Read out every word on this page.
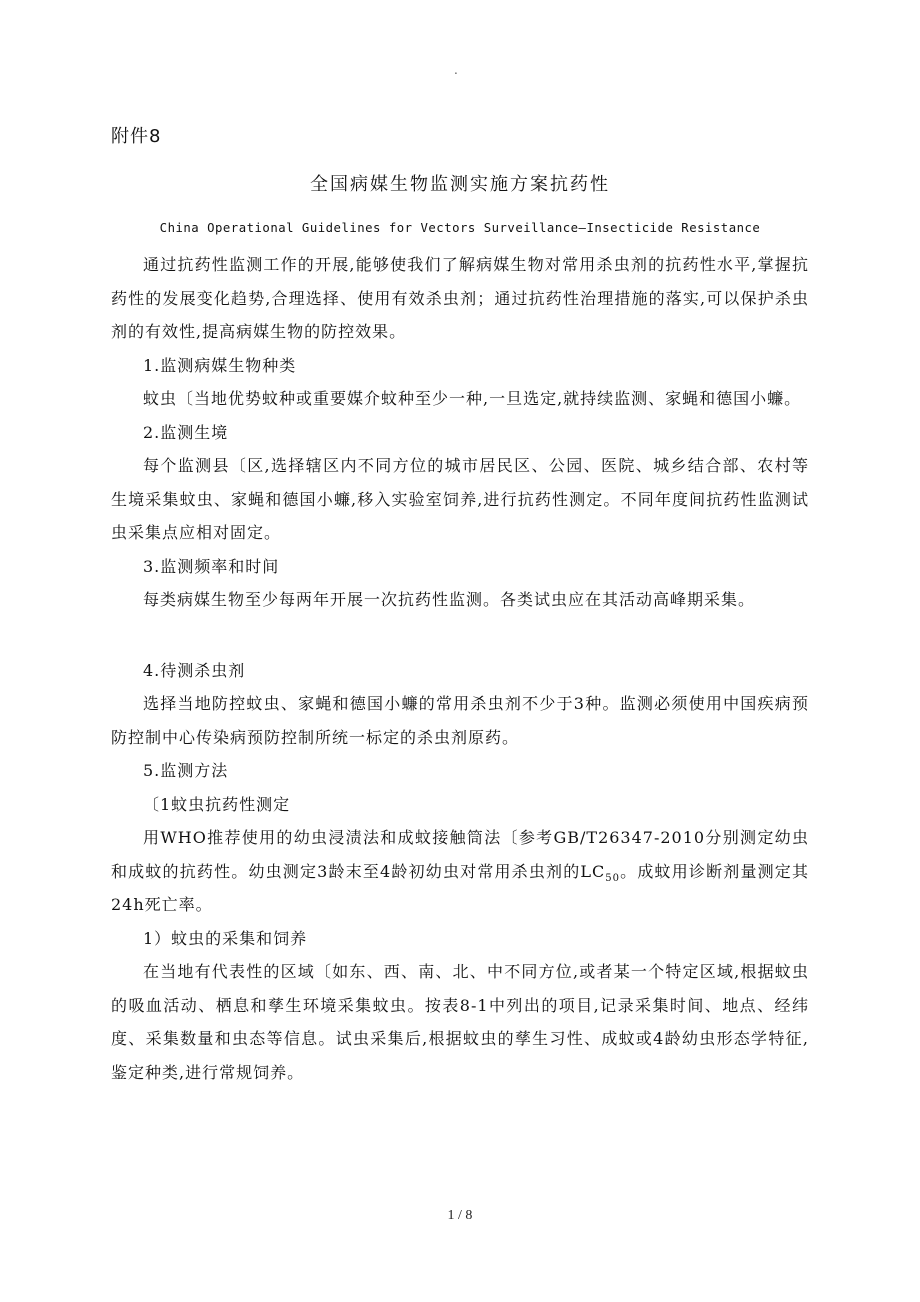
.
附件8
全国病媒生物监测实施方案抗药性
China Operational Guidelines for Vectors Surveillance—Insecticide Resistance

通过抗药性监测工作的开展,能够使我们了解病媒生物对常用杀虫剂的抗药性水平,掌握抗药性的发展变化趋势,合理选择、使用有效杀虫剂；通过抗药性治理措施的落实,可以保护杀虫剂的有效性,提高病媒生物的防控效果。

1.监测病媒生物种类

蚊虫〔当地优势蚊种或重要媒介蚊种至少一种,一旦选定,就持续监测、家蝇和德国小蠊。

2.监测生境

每个监测县〔区,选择辖区内不同方位的城市居民区、公园、医院、城乡结合部、农村等生境采集蚊虫、家蝇和德国小蠊,移入实验室饲养,进行抗药性测定。不同年度间抗药性监测试虫采集点应相对固定。

3.监测频率和时间

每类病媒生物至少每两年开展一次抗药性监测。各类试虫应在其活动高峰期采集。

4.待测杀虫剂

选择当地防控蚊虫、家蝇和德国小蠊的常用杀虫剂不少于3种。监测必须使用中国疾病预防控制中心传染病预防控制所统一标定的杀虫剂原药。

5.监测方法

〔1蚊虫抗药性测定

用WHO推荐使用的幼虫浸渍法和成蚊接触筒法〔参考GB/T26347-2010分别测定幼虫和成蚊的抗药性。幼虫测定3龄末至4龄初幼虫对常用杀虫剂的$LC_{50}$。成蚊用诊断剂量测定其24h死亡率。

1）蚊虫的采集和饲养

在当地有代表性的区域〔如东、西、南、北、中不同方位,或者某一个特定区域,根据蚊虫的吸血活动、栖息和孳生环境采集蚊虫。按表8-1中列出的项目,记录采集时间、地点、经纬度、采集数量和虫态等信息。试虫采集后,根据蚊虫的孳生习性、成蚊或4龄幼虫形态学特征,鉴定种类,进行常规饲养。

1 / 8
